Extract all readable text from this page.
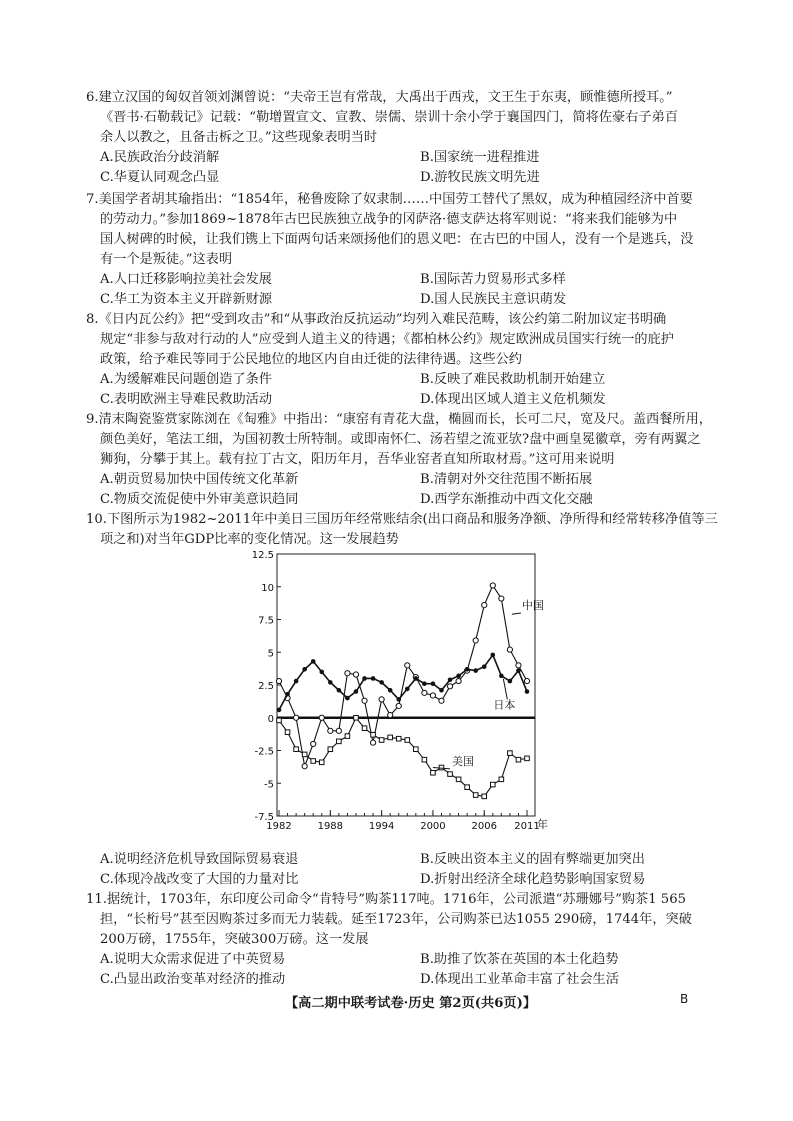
6.建立汉国的匈奴首领刘渊曾说：“夫帝王岂有常哉，大禹出于西戎，文王生于东夷，顾惟德所授耳。”
《晋书·石勒载记》记载：“勒增置宣文、宣教、崇儒、崇训十余小学于襄国四门，简将佐豪右子弟百
余人以教之，且备击柝之卫。”这些现象表明当时
A.民族政治分歧消解	B.国家统一进程推进
C.华夏认同观念凸显	D.游牧民族文明先进
7.美国学者胡其瑜指出：“1854年，秘鲁废除了奴隶制……中国劳工替代了黑奴，成为种植园经济中首要
的劳动力。”参加1869~1878年古巴民族独立战争的冈萨洛·德支萨达将军则说：“将来我们能够为中
国人树碑的时候，让我们镌上下面两句话来颂扬他们的恩义吧：在古巴的中国人，没有一个是逃兵，没
有一个是叛徒。”这表明
A.人口迁移影响拉美社会发展	B.国际苦力贸易形式多样
C.华工为资本主义开辟新财源	D.国人民族民主意识萌发
8.《日内瓦公约》把“受到攻击”和“从事政治反抗运动”均列入难民范畴，该公约第二附加议定书明确
规定“非参与敌对行动的人”应受到人道主义的待遇；《都柏林公约》规定欧洲成员国实行统一的庇护
政策，给予难民等同于公民地位的地区内自由迁徙的法律待遇。这些公约
A.为缓解难民问题创造了条件	B.反映了难民救助机制开始建立
C.表明欧洲主导难民救助活动	D.体现出区域人道主义危机频发
9.清末陶瓷鉴赏家陈浏在《匋雅》中指出：“康窑有青花大盘，椭圆而长，长可二尺，宽及尺。盖西餐所用，
颜色美好，笔法工细，为国初教士所特制。或即南怀仁、汤若望之流亚欤?盘中画皇冕徽章，旁有两翼之
狮狗，分攀于其上。载有拉丁古文，阳历年月，吾华业窑者直知所取材焉。”这可用来说明
A.朝贡贸易加快中国传统文化革新	B.清朝对外交往范围不断拓展
C.物质交流促使中外审美意识趋同	D.西学东渐推动中西文化交融
10.下图所示为1982~2011年中美日三国历年经常账结余(出口商品和服务净额、净所得和经常转移净值等三
项之和)对当年GDP比率的变化情况。这一发展趋势
12.5
10
7.5
5
2.5
0
-2.5
-5
-7.5
1982	1988	1994	2000	2006 2011
中国
日本
美国
年
A.说明经济危机导致国际贸易衰退	B.反映出资本主义的固有弊端更加突出
C.体现冷战改变了大国的力量对比	D.折射出经济全球化趋势影响国家贸易
11.据统计，1703年，东印度公司命令“肯特号”购茶117吨。1716年，公司派遣“苏珊娜号”购茶1 565
担，“长桁号”甚至因购茶过多而无力装载。延至1723年，公司购茶已达1055 290磅，1744年，突破
200万磅，1755年，突破300万磅。这一发展
A.说明大众需求促进了中英贸易	B.助推了饮茶在英国的本土化趋势
C.凸显出政治变革对经济的推动	D.体现出工业革命丰富了社会生活
【高二期中联考试卷·历史 第2页(共6页)】	B
